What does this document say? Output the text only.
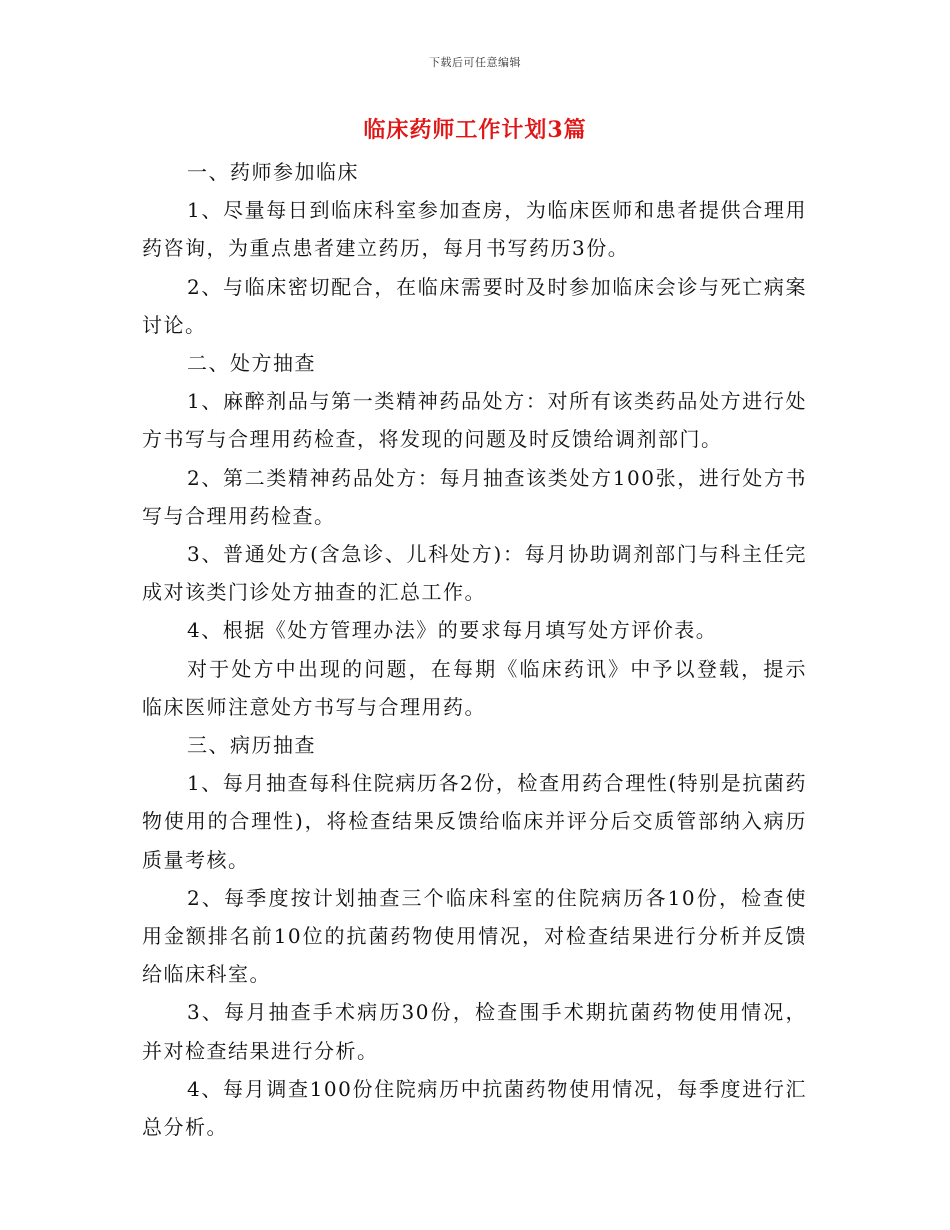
下载后可任意编辑
临床药师工作计划3篇

一、药师参加临床

1、尽量每日到临床科室参加查房，为临床医师和患者提供合理用药咨询，为重点患者建立药历，每月书写药历3份。

2、与临床密切配合，在临床需要时及时参加临床会诊与死亡病案讨论。

二、处方抽查

1、麻醉剂品与第一类精神药品处方：对所有该类药品处方进行处方书写与合理用药检查，将发现的问题及时反馈给调剂部门。

2、第二类精神药品处方：每月抽查该类处方100张，进行处方书写与合理用药检查。

3、普通处方(含急诊、儿科处方)：每月协助调剂部门与科主任完成对该类门诊处方抽查的汇总工作。

4、根据《处方管理办法》的要求每月填写处方评价表。

对于处方中出现的问题，在每期《临床药讯》中予以登载，提示临床医师注意处方书写与合理用药。

三、病历抽查

1、每月抽查每科住院病历各2份，检查用药合理性(特别是抗菌药物使用的合理性)，将检查结果反馈给临床并评分后交质管部纳入病历质量考核。

2、每季度按计划抽查三个临床科室的住院病历各10份，检查使用金额排名前10位的抗菌药物使用情况，对检查结果进行分析并反馈给临床科室。

3、每月抽查手术病历30份，检查围手术期抗菌药物使用情况，并对检查结果进行分析。

4、每月调查100份住院病历中抗菌药物使用情况，每季度进行汇总分析。
